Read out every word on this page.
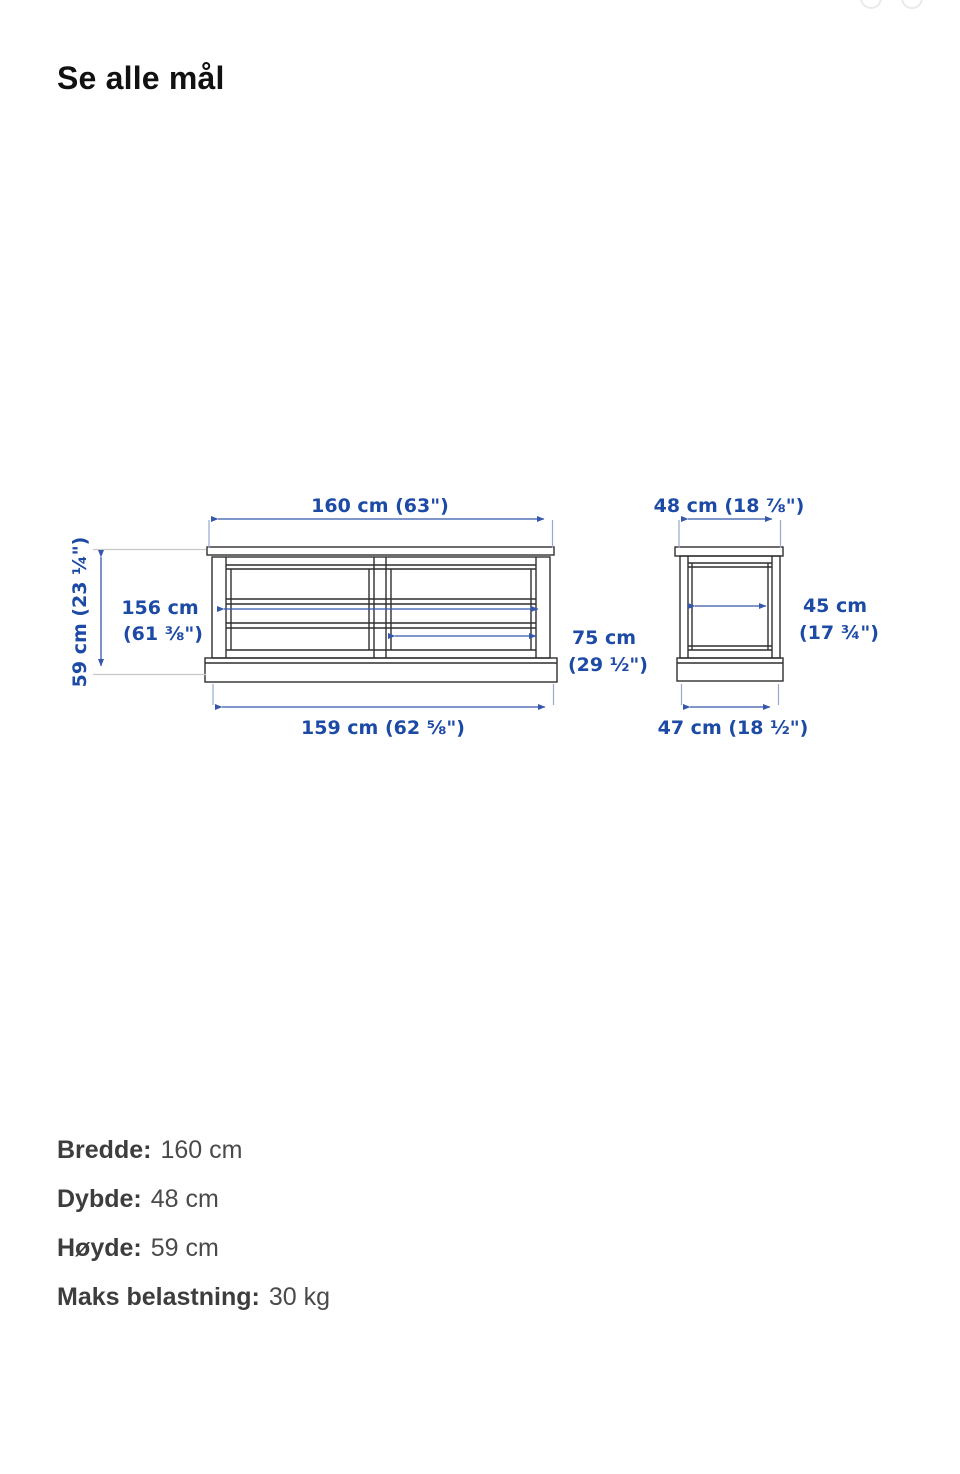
Se alle mål
160 cm (63")	48 cm (18 ⅞")
59 cm (23 ¼") 156 cm
(61 ⅜")	75 cm
(29 ½")
45 cm
(17 ¾")
159 cm (62 ⅝")	47 cm (18 ½")
Bredde: 160 cm
Dybde: 48 cm
Høyde: 59 cm
Maks belastning: 30 kg
